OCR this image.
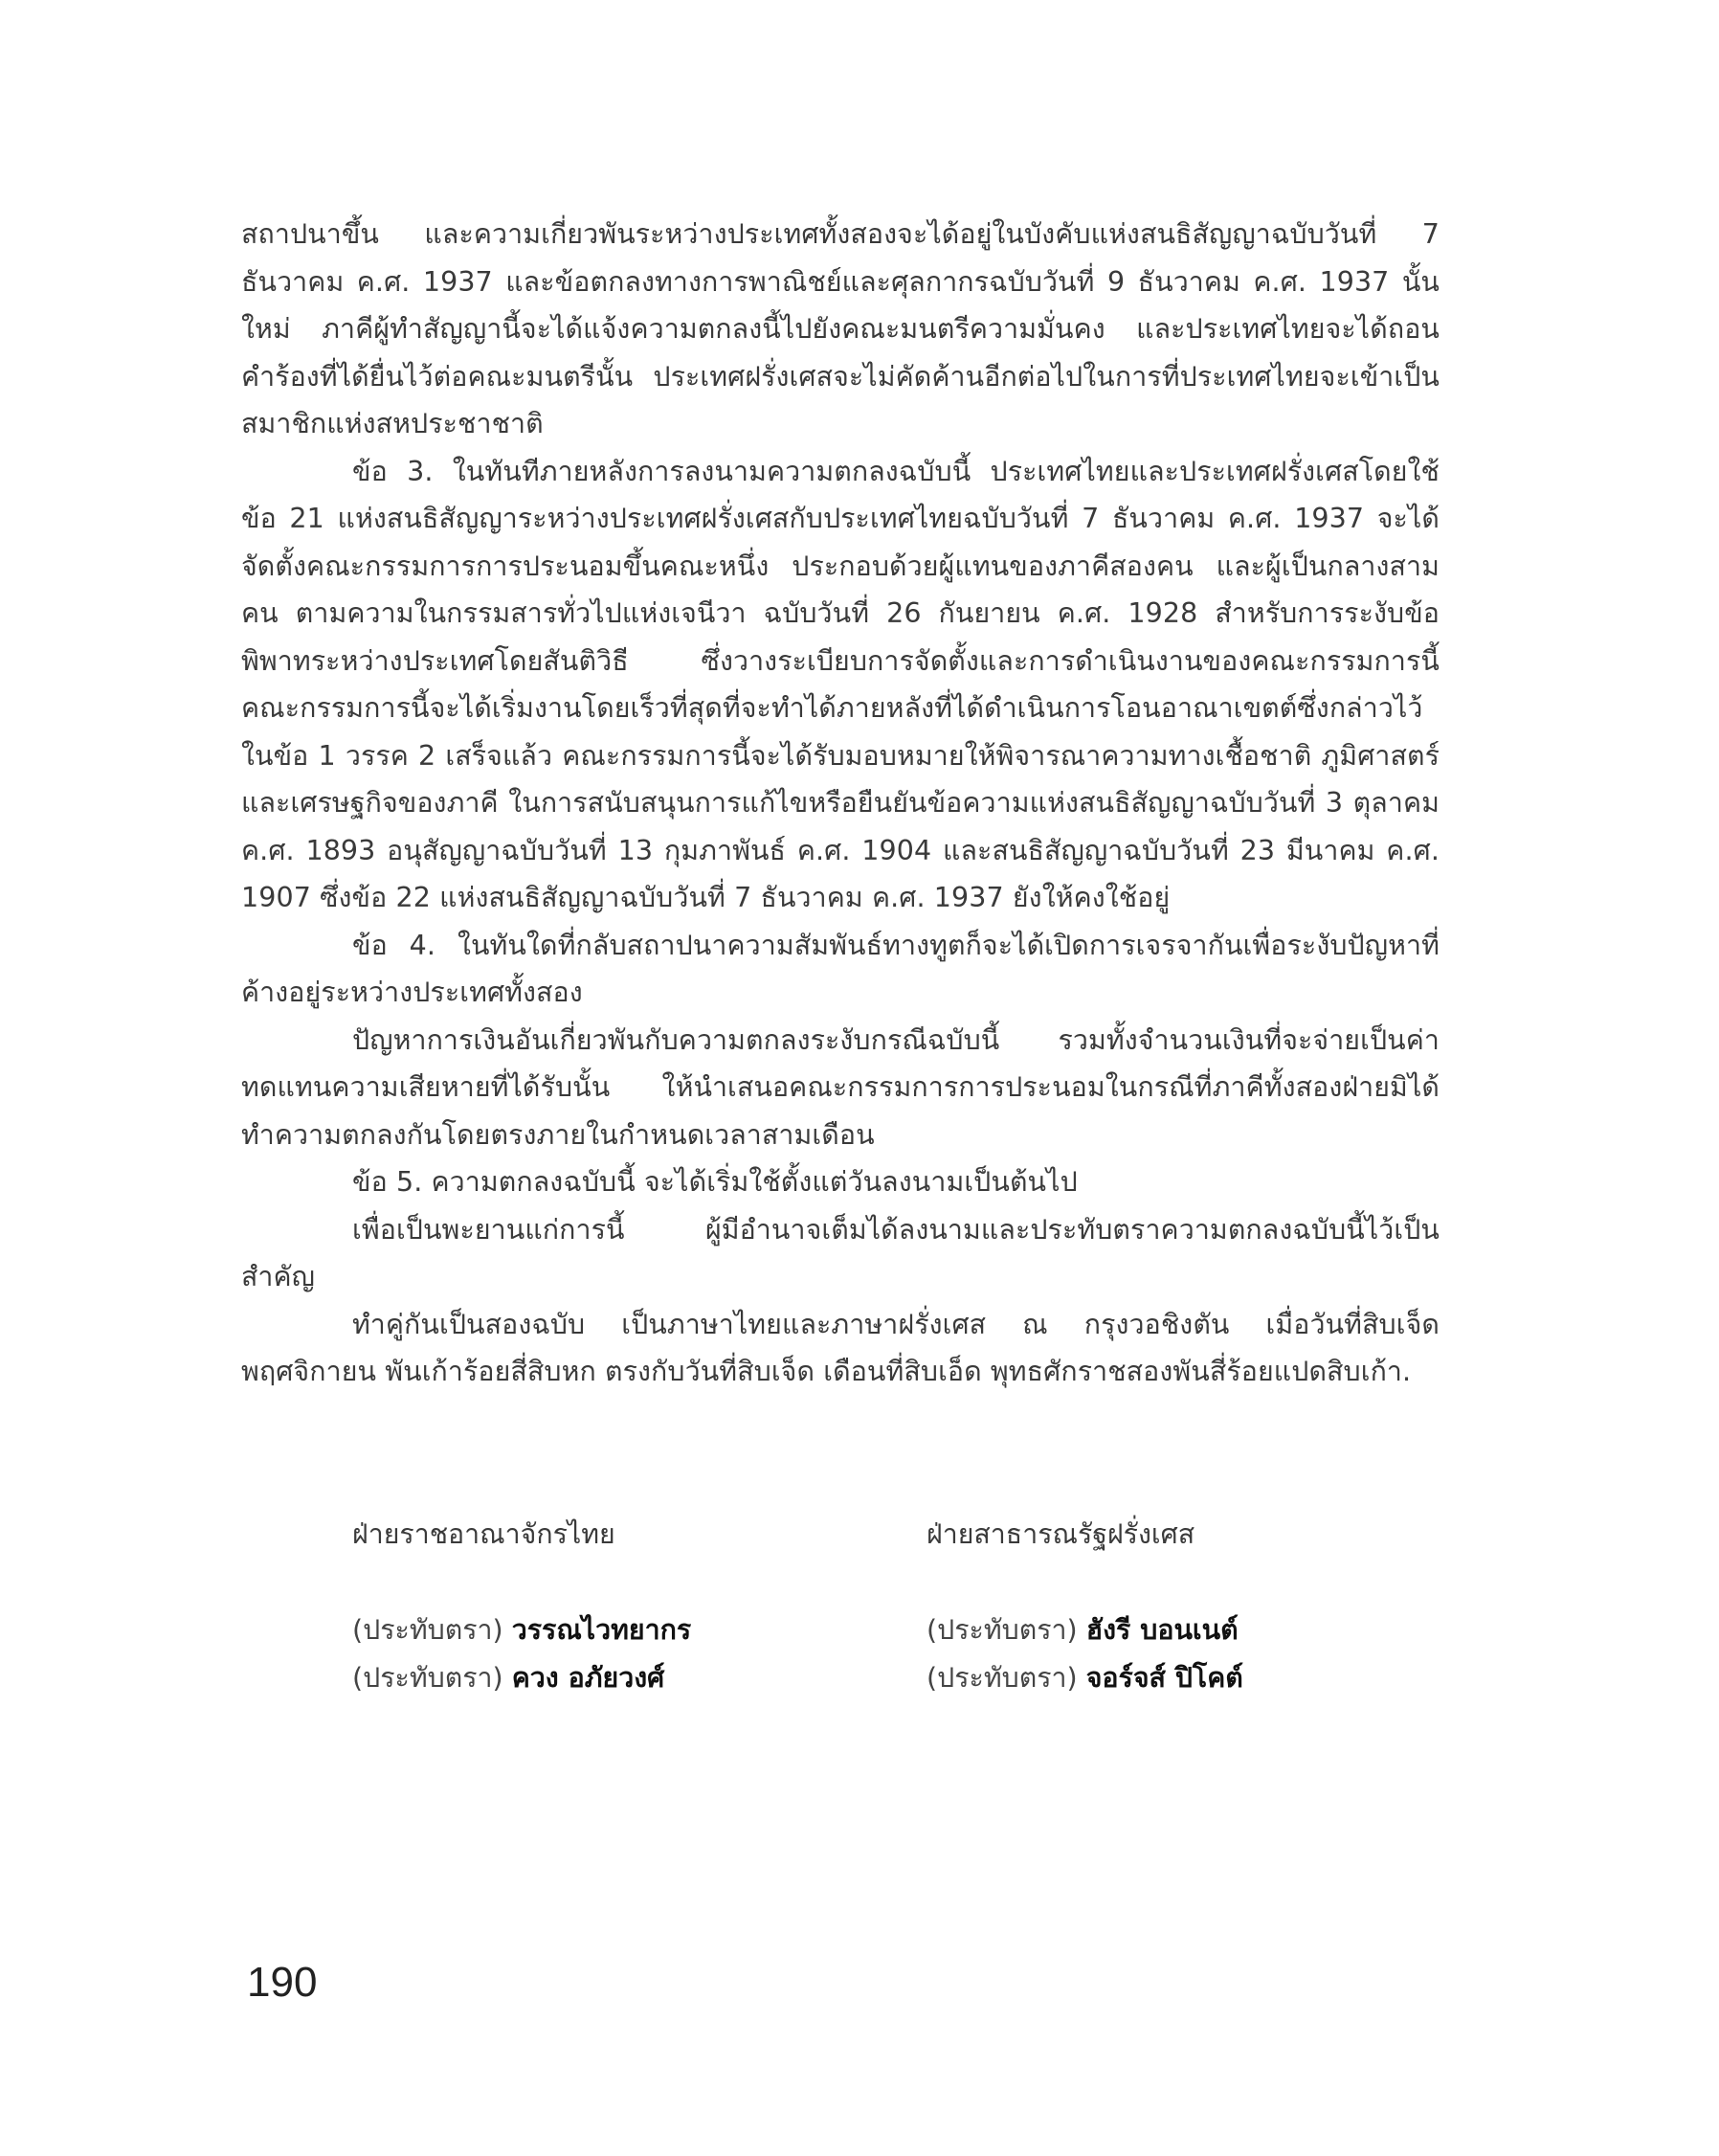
สถาปนาขึ้น และความเกี่ยวพันระหว่างประเทศทั้งสองจะได้อยู่ในบังคับแห่งสนธิสัญญาฉบับวันที่ 7 ธันวาคม ค.ศ. 1937 และข้อตกลงทางการพาณิชย์และศุลกากรฉบับวันที่ 9 ธันวาคม ค.ศ. 1937 นั้นใหม่ ภาคีผู้ทำสัญญานี้จะได้แจ้งความตกลงนี้ไปยังคณะมนตรีความมั่นคง และประเทศไทยจะได้ถอนคำร้องที่ได้ยื่นไว้ต่อคณะมนตรีนั้น ประเทศฝรั่งเศสจะไม่คัดค้านอีกต่อไปในการที่ประเทศไทยจะเข้าเป็นสมาชิกแห่งสหประชาชาติ

ข้อ 3. ในทันทีภายหลังการลงนามความตกลงฉบับนี้ ประเทศไทยและประเทศฝรั่งเศสโดยใช้ข้อ 21 แห่งสนธิสัญญาระหว่างประเทศฝรั่งเศสกับประเทศไทยฉบับวันที่ 7 ธันวาคม ค.ศ. 1937 จะได้จัดตั้งคณะกรรมการการประนอมขึ้นคณะหนึ่ง ประกอบด้วยผู้แทนของภาคีสองคน และผู้เป็นกลางสามคน ตามความในกรรมสารทั่วไปแห่งเจนีวา ฉบับวันที่ 26 กันยายน ค.ศ. 1928 สำหรับการระงับข้อพิพาทระหว่างประเทศโดยสันติวิธี ซึ่งวางระเบียบการจัดตั้งและการดำเนินงานของคณะกรรมการนี้ คณะกรรมการนี้จะได้เริ่มงานโดยเร็วที่สุดที่จะทำได้ภายหลังที่ได้ดำเนินการโอนอาณาเขตต์ซึ่งกล่าวไว้ในข้อ 1 วรรค 2 เสร็จแล้ว คณะกรรมการนี้จะได้รับมอบหมายให้พิจารณาความทางเชื้อชาติ ภูมิศาสตร์และเศรษฐกิจของภาคี ในการสนับสนุนการแก้ไขหรือยืนยันข้อความแห่งสนธิสัญญาฉบับวันที่ 3 ตุลาคม ค.ศ. 1893 อนุสัญญาฉบับวันที่ 13 กุมภาพันธ์ ค.ศ. 1904 และสนธิสัญญาฉบับวันที่ 23 มีนาคม ค.ศ. 1907 ซึ่งข้อ 22 แห่งสนธิสัญญาฉบับวันที่ 7 ธันวาคม ค.ศ. 1937 ยังให้คงใช้อยู่

ข้อ 4. ในทันใดที่กลับสถาปนาความสัมพันธ์ทางทูตก็จะได้เปิดการเจรจากันเพื่อระงับปัญหาที่ค้างอยู่ระหว่างประเทศทั้งสอง

ปัญหาการเงินอันเกี่ยวพันกับความตกลงระงับกรณีฉบับนี้ รวมทั้งจำนวนเงินที่จะจ่ายเป็นค่าทดแทนความเสียหายที่ได้รับนั้น ให้นำเสนอคณะกรรมการการประนอมในกรณีที่ภาคีทั้งสองฝ่ายมิได้ทำความตกลงกันโดยตรงภายในกำหนดเวลาสามเดือน

ข้อ 5. ความตกลงฉบับนี้ จะได้เริ่มใช้ตั้งแต่วันลงนามเป็นต้นไป

เพื่อเป็นพะยานแก่การนี้ ผู้มีอำนาจเต็มได้ลงนามและประทับตราความตกลงฉบับนี้ไว้เป็นสำคัญ

ทำคู่กันเป็นสองฉบับ เป็นภาษาไทยและภาษาฝรั่งเศส ณ กรุงวอชิงตัน เมื่อวันที่สิบเจ็ดพฤศจิกายน พันเก้าร้อยสี่สิบหก ตรงกับวันที่สิบเจ็ด เดือนที่สิบเอ็ด พุทธศักราชสองพันสี่ร้อยแปดสิบเก้า.

ฝ่ายราชอาณาจักรไทย
(ประทับตรา) วรรณไวทยากร
(ประทับตรา) ควง อภัยวงศ์
ฝ่ายสาธารณรัฐฝรั่งเศส
(ประทับตรา) ฮังรี บอนเนต์
(ประทับตรา) จอร์จส์ ปิโคต์
190
